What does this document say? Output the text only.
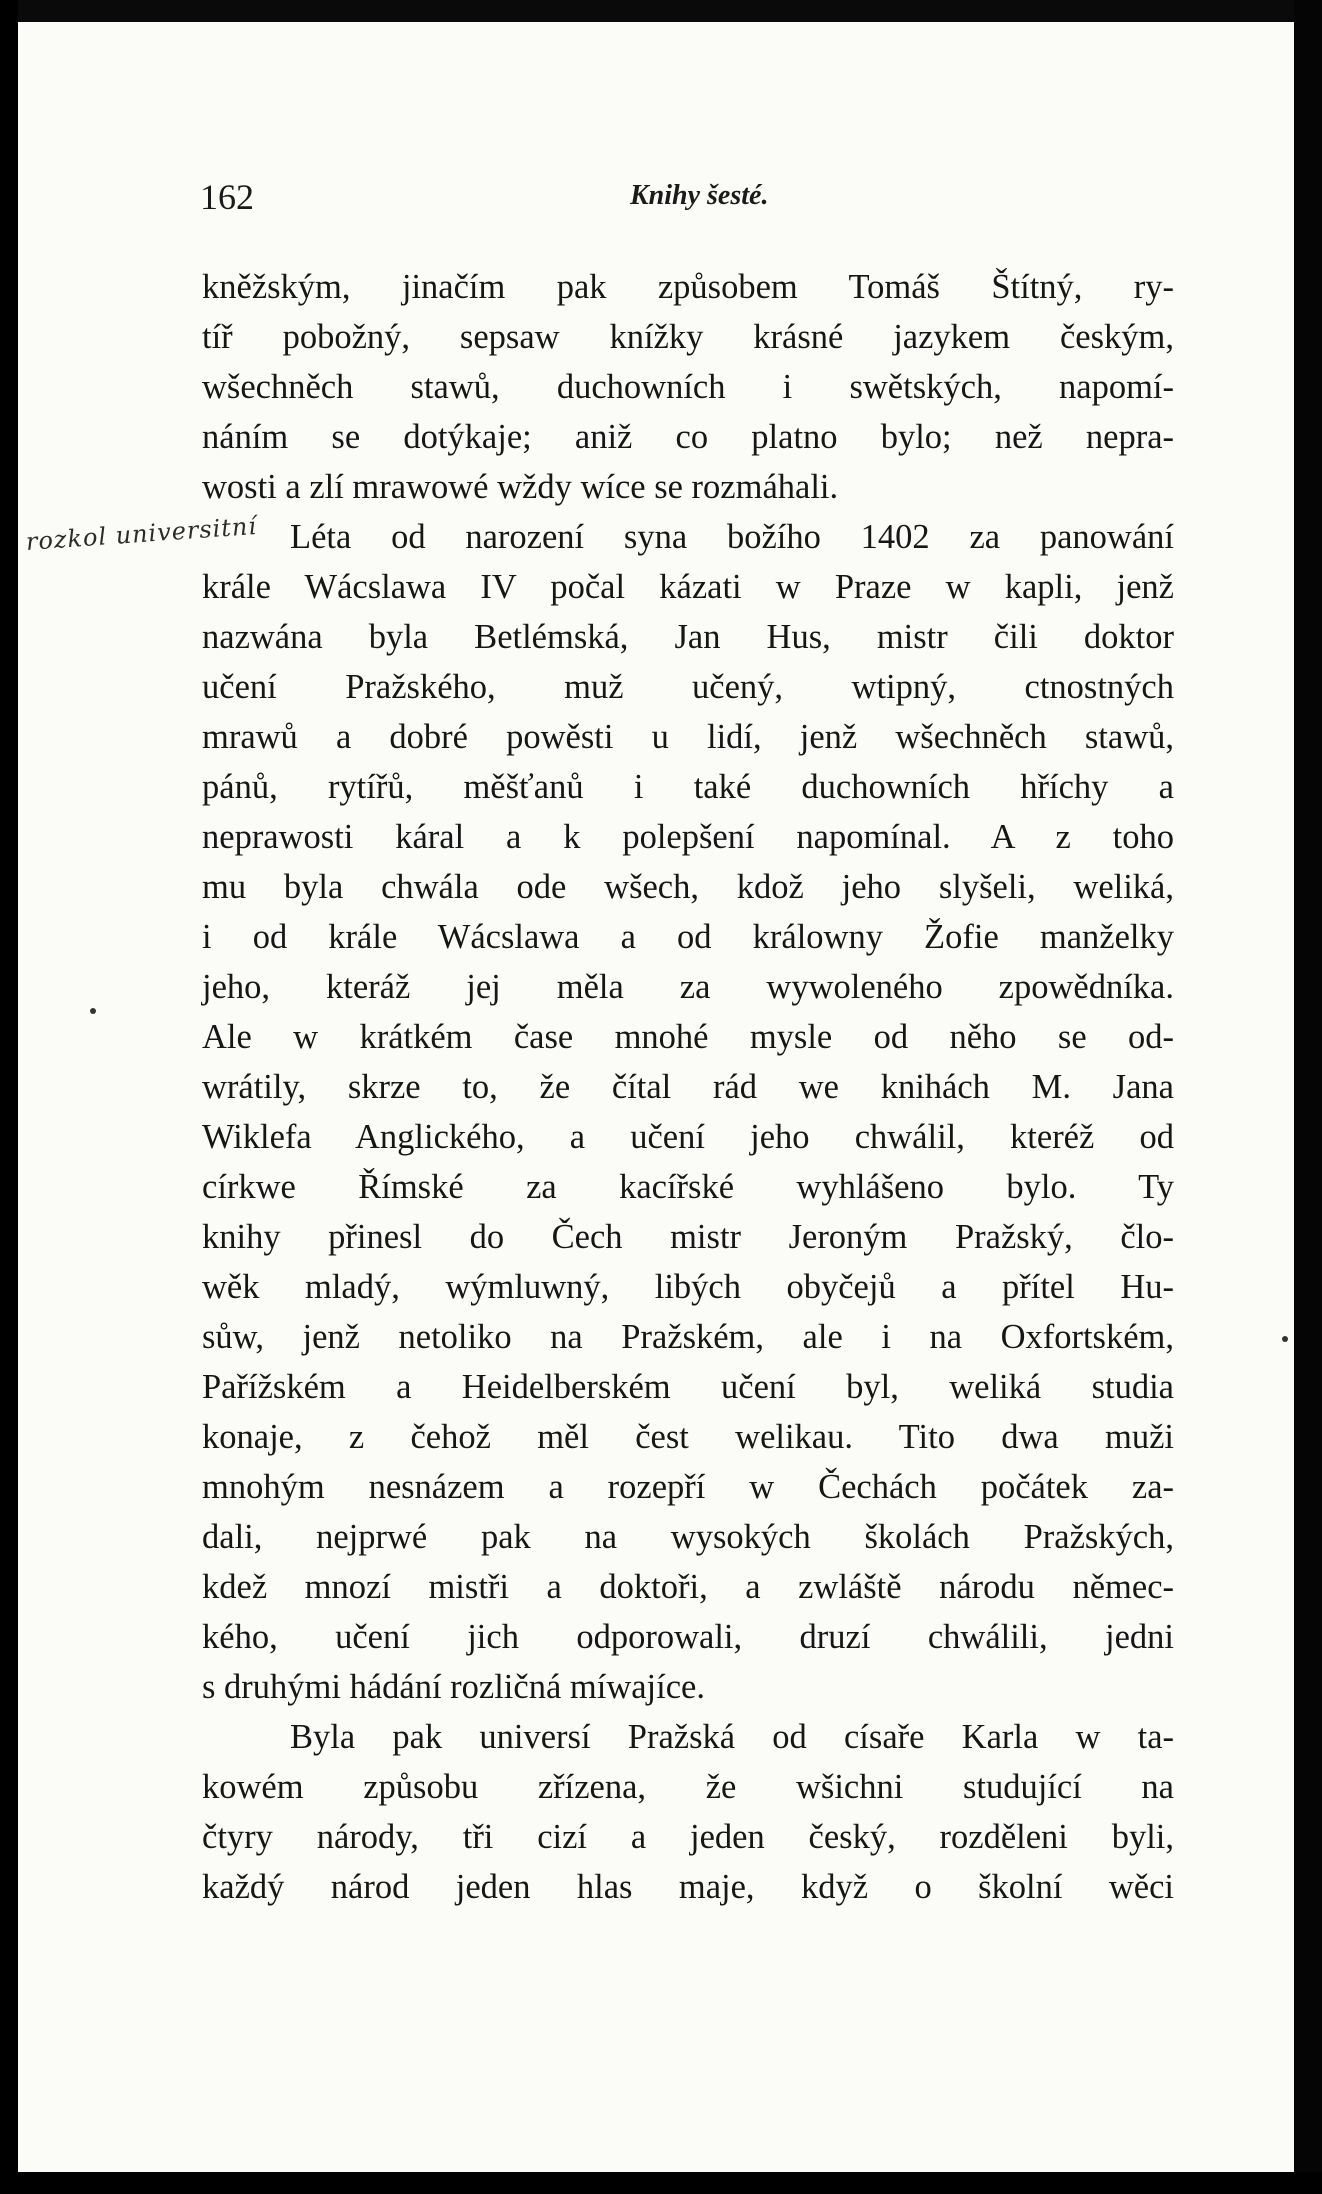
162	Knihy šesté.
rozkol universitní
kněžským, jinačím pak způsobem Tomáš Štítný, ry-
tíř pobožný, sepsaw knížky krásné jazykem českým,
wšechněch stawů, duchowních i swětských, napomí-
náním se dotýkaje; aniž co platno bylo; než nepra-
wosti a zlí mrawowé wždy wíce se rozmáhali.
Léta od narození syna božího 1402 za panowání
krále Wácslawa IV počal kázati w Praze w kapli, jenž
nazwána byla Betlémská, Jan Hus, mistr čili doktor
učení Pražského, muž učený, wtipný, ctnostných
mrawů a dobré powěsti u lidí, jenž wšechněch stawů,
pánů, rytířů, měšťanů i také duchowních hříchy a
neprawosti káral a k polepšení napomínal. A z toho
mu byla chwála ode wšech, kdož jeho slyšeli, weliká,
i od krále Wácslawa a od králowny Žofie manželky
jeho, kteráž jej měla za wywoleného zpowědníka.
Ale w krátkém čase mnohé mysle od něho se od-
wrátily, skrze to, že čítal rád we knihách M. Jana
Wiklefa Anglického, a učení jeho chwálil, kteréž od
církwe Římské za kacířské wyhlášeno bylo. Ty
knihy přinesl do Čech mistr Jeroným Pražský, člo-
wěk mladý, wýmluwný, libých obyčejů a přítel Hu-
sůw, jenž netoliko na Pražském, ale i na Oxfortském,
Pařížském a Heidelberském učení byl, weliká studia
konaje, z čehož měl čest welikau. Tito dwa muži
mnohým nesnázem a rozepří w Čechách počátek za-
dali, nejprwé pak na wysokých školách Pražských,
kdež mnozí mistři a doktoři, a zwláště národu němec-
kého, učení jich odporowali, druzí chwálili, jedni
s druhými hádání rozličná míwajíce.
Byla pak universí Pražská od císaře Karla w ta-
kowém způsobu zřízena, že wšichni studující na
čtyry národy, tři cizí a jeden český, rozděleni byli,
každý národ jeden hlas maje, když o školní wěci
